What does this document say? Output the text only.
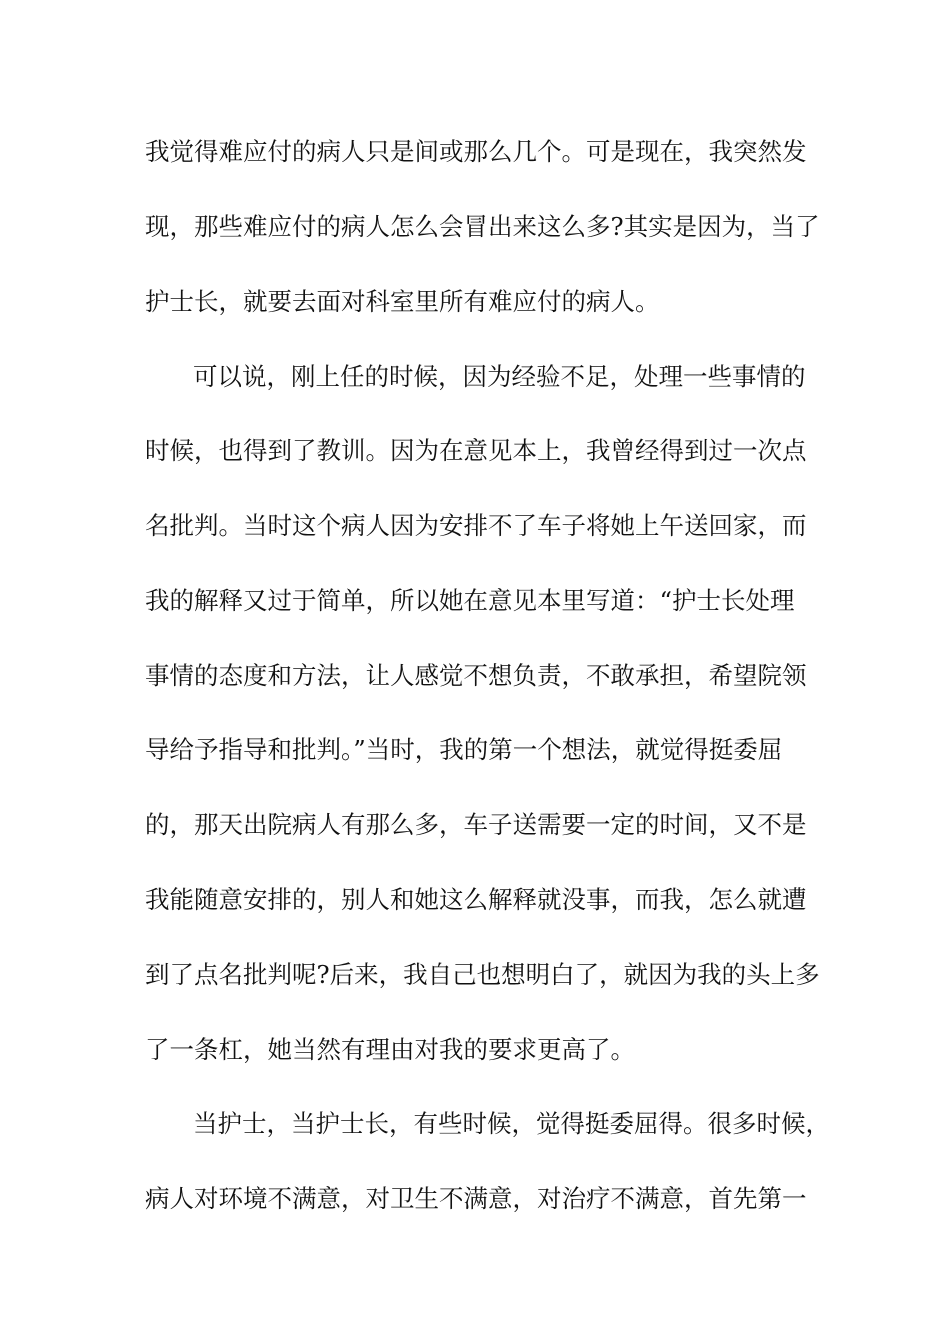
我觉得难应付的病人只是间或那么几个。可是现在，我突然发
现，那些难应付的病人怎么会冒出来这么多?其实是因为，当了
护士长，就要去面对科室里所有难应付的病人。
可以说，刚上任的时候，因为经验不足，处理一些事情的
时候，也得到了教训。因为在意见本上，我曾经得到过一次点
名批判。当时这个病人因为安排不了车子将她上午送回家，而
我的解释又过于简单，所以她在意见本里写道：“护士长处理
事情的态度和方法，让人感觉不想负责，不敢承担，希望院领
导给予指导和批判。”当时，我的第一个想法，就觉得挺委屈
的，那天出院病人有那么多，车子送需要一定的时间，又不是
我能随意安排的，别人和她这么解释就没事，而我，怎么就遭
到了点名批判呢?后来，我自己也想明白了，就因为我的头上多
了一条杠，她当然有理由对我的要求更高了。
当护士，当护士长，有些时候，觉得挺委屈得。很多时候，
病人对环境不满意，对卫生不满意，对治疗不满意，首先第一
